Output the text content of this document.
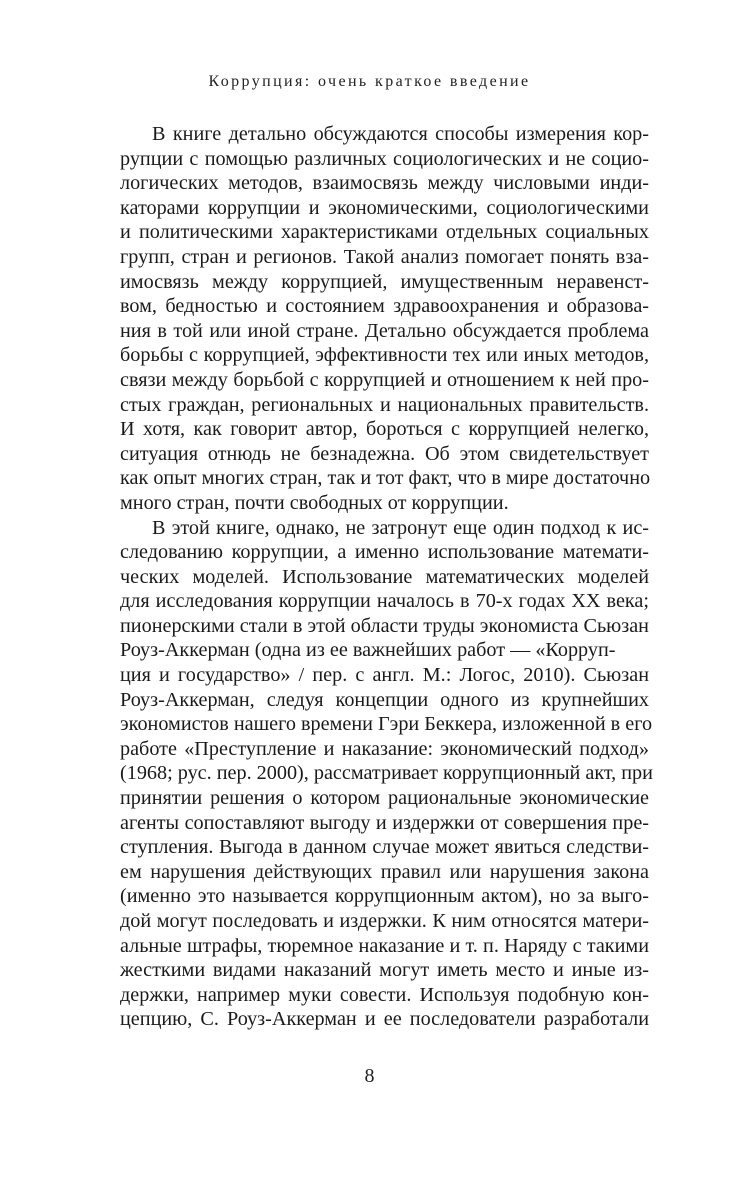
Коррупция: очень краткое введение
В книге детально обсуждаются способы измерения кор-
рупции с помощью различных социологических и не социо-
логических методов, взаимосвязь между числовыми инди-
каторами коррупции и экономическими, социологическими
и политическими характеристиками отдельных социальных
групп, стран и регионов. Такой анализ помогает понять вза-
имосвязь между коррупцией, имущественным неравенст-
вом, бедностью и состоянием здравоохранения и образова-
ния в той или иной стране. Детально обсуждается проблема
борьбы с коррупцией, эффективности тех или иных методов,
связи между борьбой с коррупцией и отношением к ней про-
стых граждан, региональных и национальных правительств.
И хотя, как говорит автор, бороться с коррупцией нелегко,
ситуация отнюдь не безнадежна. Об этом свидетельствует
как опыт многих стран, так и тот факт, что в мире достаточно
много стран, почти свободных от коррупции.
В этой книге, однако, не затронут еще один подход к ис-
следованию коррупции, а именно использование математи-
ческих моделей. Использование математических моделей
для исследования коррупции началось в 70-х годах XX века;
пионерскими стали в этой области труды экономиста Сьюзан Роуз-Аккерман (одна из ее важнейших работ — «Корруп-
ция и государство» / пер. с англ. М.: Логос, 2010). Сьюзан
Роуз-Аккерман, следуя концепции одного из крупнейших
экономистов нашего времени Гэри Беккера, изложенной в его
работе «Преступление и наказание: экономический подход»
(1968; рус. пер. 2000), рассматривает коррупционный акт, при
принятии решения о котором рациональные экономические
агенты сопоставляют выгоду и издержки от совершения пре-
ступления. Выгода в данном случае может явиться следстви-
ем нарушения действующих правил или нарушения закона
(именно это называется коррупционным актом), но за выго-
дой могут последовать и издержки. К ним относятся матери-
альные штрафы, тюремное наказание и т. п. Наряду с такими
жесткими видами наказаний могут иметь место и иные из-
держки, например муки совести. Используя подобную кон-
цепцию, С. Роуз-Аккерман и ее последователи разработали
8
